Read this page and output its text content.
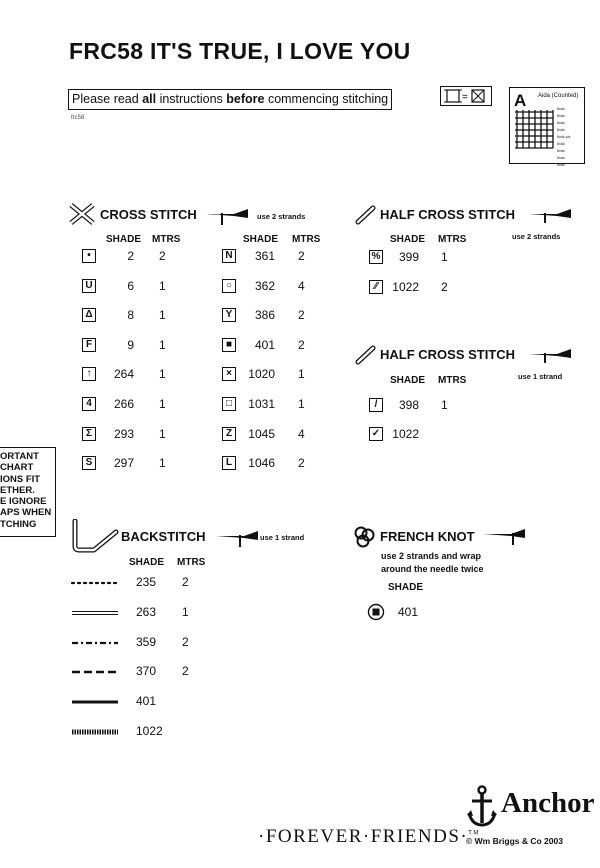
FRC58 IT'S TRUE, I LOVE YOU
Please read all instructions before commencing stitching
frc58
=	A Aida (Counted)
8xAs
8xAs
8xAs
8xAs
8xAs p/s
8xAs
8xAs
8xAs
8xAs
CROSS STITCH	use 2 strands
SHADE MTRS	SHADE MTRS
•	2 2
U	6 1
Δ	8 1
F	9 1
↑	264 1
4	266 1
Σ	293 1
S	297 1
N	361 2
○	362 4
Y	386 2
■	401 2
×	1020 1
□	1031 1
Z	1045 4
L	1046 2
HALF CROSS STITCH
use 2 strands
SHADE MTRS
%	399 1
⁄⁄	1022 2
HALF CROSS STITCH
use 1 strand
SHADE MTRS
/	398 1
✓	1022
ORTANT
CHART
IONS FIT
ETHER.
E IGNORE
APS WHEN
TCHING
BACKSTITCH	use 1 strand
SHADE MTRS
235 2
263 1
359 2
370 2
401
1022
FRENCH KNOT
use 2 strands and wrap
around the needle twice
SHADE
401
·FOREVER·FRIENDS·™
Anchor
© Wm Briggs & Co 2003
